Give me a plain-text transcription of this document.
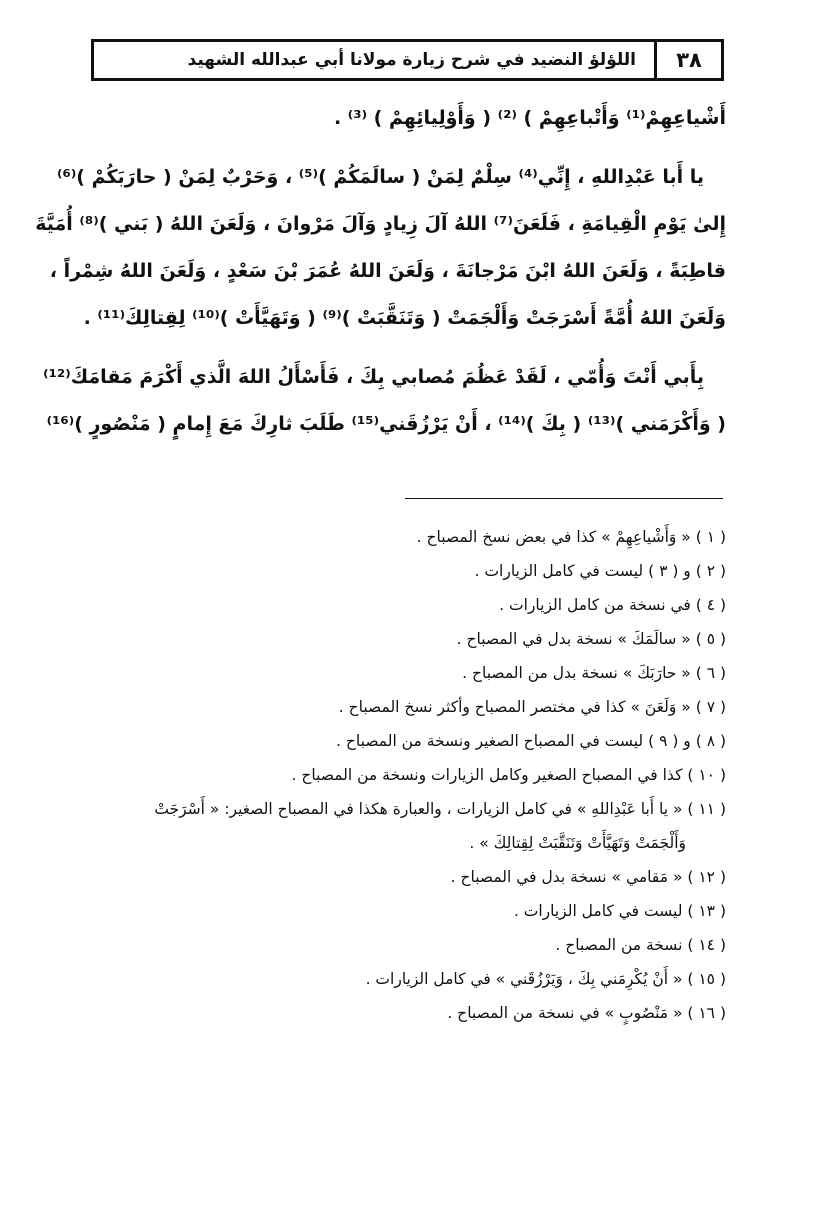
٣٨
اللؤلؤ النضيد في شرح زيارة مولانا أبي عبدالله الشهيد
أَشْياعِهِمْ⁽¹⁾ وَأَتْباعِهِمْ ) ⁽²⁾ ( وَأَوْلِيائِهِمْ ) ⁽³⁾ .
يا أَبا عَبْدِاللهِ ، إِنِّي⁽⁴⁾ سِلْمٌ لِمَنْ ( سالَمَكُمْ )⁽⁵⁾ ، وَحَرْبٌ لِمَنْ ( حارَبَكُمْ )⁽⁶⁾
إِلىٰ يَوْمِ الْقِيامَةِ ، فَلَعَنَ⁽⁷⁾ اللهُ آلَ زِيادٍ وَآلَ مَرْوانَ ، وَلَعَنَ اللهُ ( بَني )⁽⁸⁾ أُمَيَّةَ
قاطِبَةً ، وَلَعَنَ اللهُ ابْنَ مَرْجانَةَ ، وَلَعَنَ اللهُ عُمَرَ بْنَ سَعْدٍ ، وَلَعَنَ اللهُ شِمْراً ،
وَلَعَنَ اللهُ أُمَّةً أَسْرَجَتْ وَأَلْجَمَتْ ( وَتَنَقَّبَتْ )⁽⁹⁾ ( وَتَهَيَّأَتْ )⁽¹⁰⁾ لِقِتالِكَ⁽¹¹⁾ .
بِأَبي أَنْتَ وَأُمّي ، لَقَدْ عَظُمَ مُصابي بِكَ ، فَأَسْأَلُ اللهَ الَّذي أَكْرَمَ مَقامَكَ⁽¹²⁾
( وَأَكْرَمَني )⁽¹³⁾ ( بِكَ )⁽¹⁴⁾ ، أَنْ يَرْزُقَني⁽¹⁵⁾ طَلَبَ ثارِكَ مَعَ إِمامٍ ( مَنْصُورٍ )⁽¹⁶⁾
( ١ ) « وَأَشْياعِهِمْ » كذا في بعض نسخ المصباح .
( ٢ ) و ( ٣ ) ليست في كامل الزيارات .
( ٤ ) في نسخة من كامل الزيارات .
( ٥ ) « سالَمَكَ » نسخة بدل في المصباح .
( ٦ ) « حارَبَكَ » نسخة بدل من المصباح .
( ٧ ) « وَلَعَنَ » كذا في مختصر المصباح وأكثر نسخ المصباح .
( ٨ ) و ( ٩ ) ليست في المصباح الصغير ونسخة من المصباح .
( ١٠ ) كذا في المصباح الصغير وكامل الزيارات ونسخة من المصباح .
( ١١ ) « يا أَبا عَبْدِاللهِ » في كامل الزيارات ، والعبارة هكذا في المصباح الصغير: « أَسْرَجَتْ
وَأَلْجَمَتْ وَتَهَيَّأَتْ وَتَنَقَّبَتْ لِقِتالِكَ » .
( ١٢ ) « مَقامي » نسخة بدل في المصباح .
( ١٣ ) ليست في كامل الزيارات .
( ١٤ ) نسخة من المصباح .
( ١٥ ) « أَنْ يُكْرِمَني بِكَ ، وَيَرْزُقَني » في كامل الزيارات .
( ١٦ ) « مَنْصُوبٍ » في نسخة من المصباح .
